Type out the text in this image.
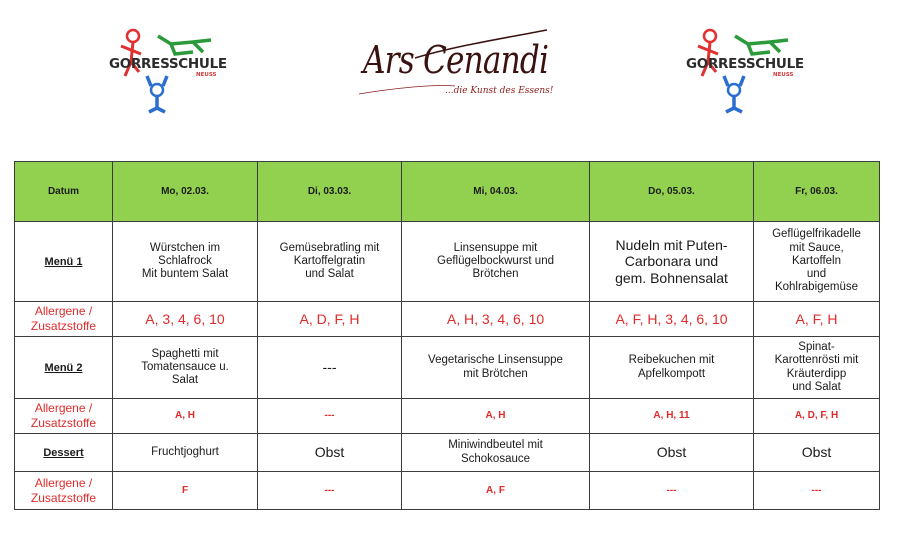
GORRESSCHULE
NEUSS	Ars Cenandi
...die Kunst des Essens!
GORRESSCHULE
NEUSS
Datum	Mo, 02.03.	Di, 03.03.	Mi, 04.03.	Do, 05.03.	Fr, 06.03.
Menü 1	Würstchen im
Schlafrock
Mit buntem Salat	Gemüsebratling mit
Kartoffelgratin
und Salat	Linsensuppe mit
Geflügelbockwurst und
Brötchen	Nudeln mit Puten-
Carbonara und
gem. Bohnensalat	Geflügelfrikadelle
mit Sauce,
Kartoffeln
und
Kohlrabigemüse
Allergene /
Zusatzstoffe	A, 3, 4, 6, 10	A, D, F, H	A, H, 3, 4, 6, 10	A, F, H, 3, 4, 6, 10	A, F, H
Menü 2	Spaghetti mit
Tomatensauce u.
Salat	---	Vegetarische Linsensuppe
mit Brötchen	Reibekuchen mit
Apfelkompott	Spinat-
Karottenrösti mit
Kräuterdipp
und Salat
Allergene /
Zusatzstoffe	A, H	---	A, H	A, H, 11	A, D, F, H
Dessert	Fruchtjoghurt	Obst	Miniwindbeutel mit
Schokosauce	Obst	Obst
Allergene /
Zusatzstoffe	F	---	A, F	---	---
